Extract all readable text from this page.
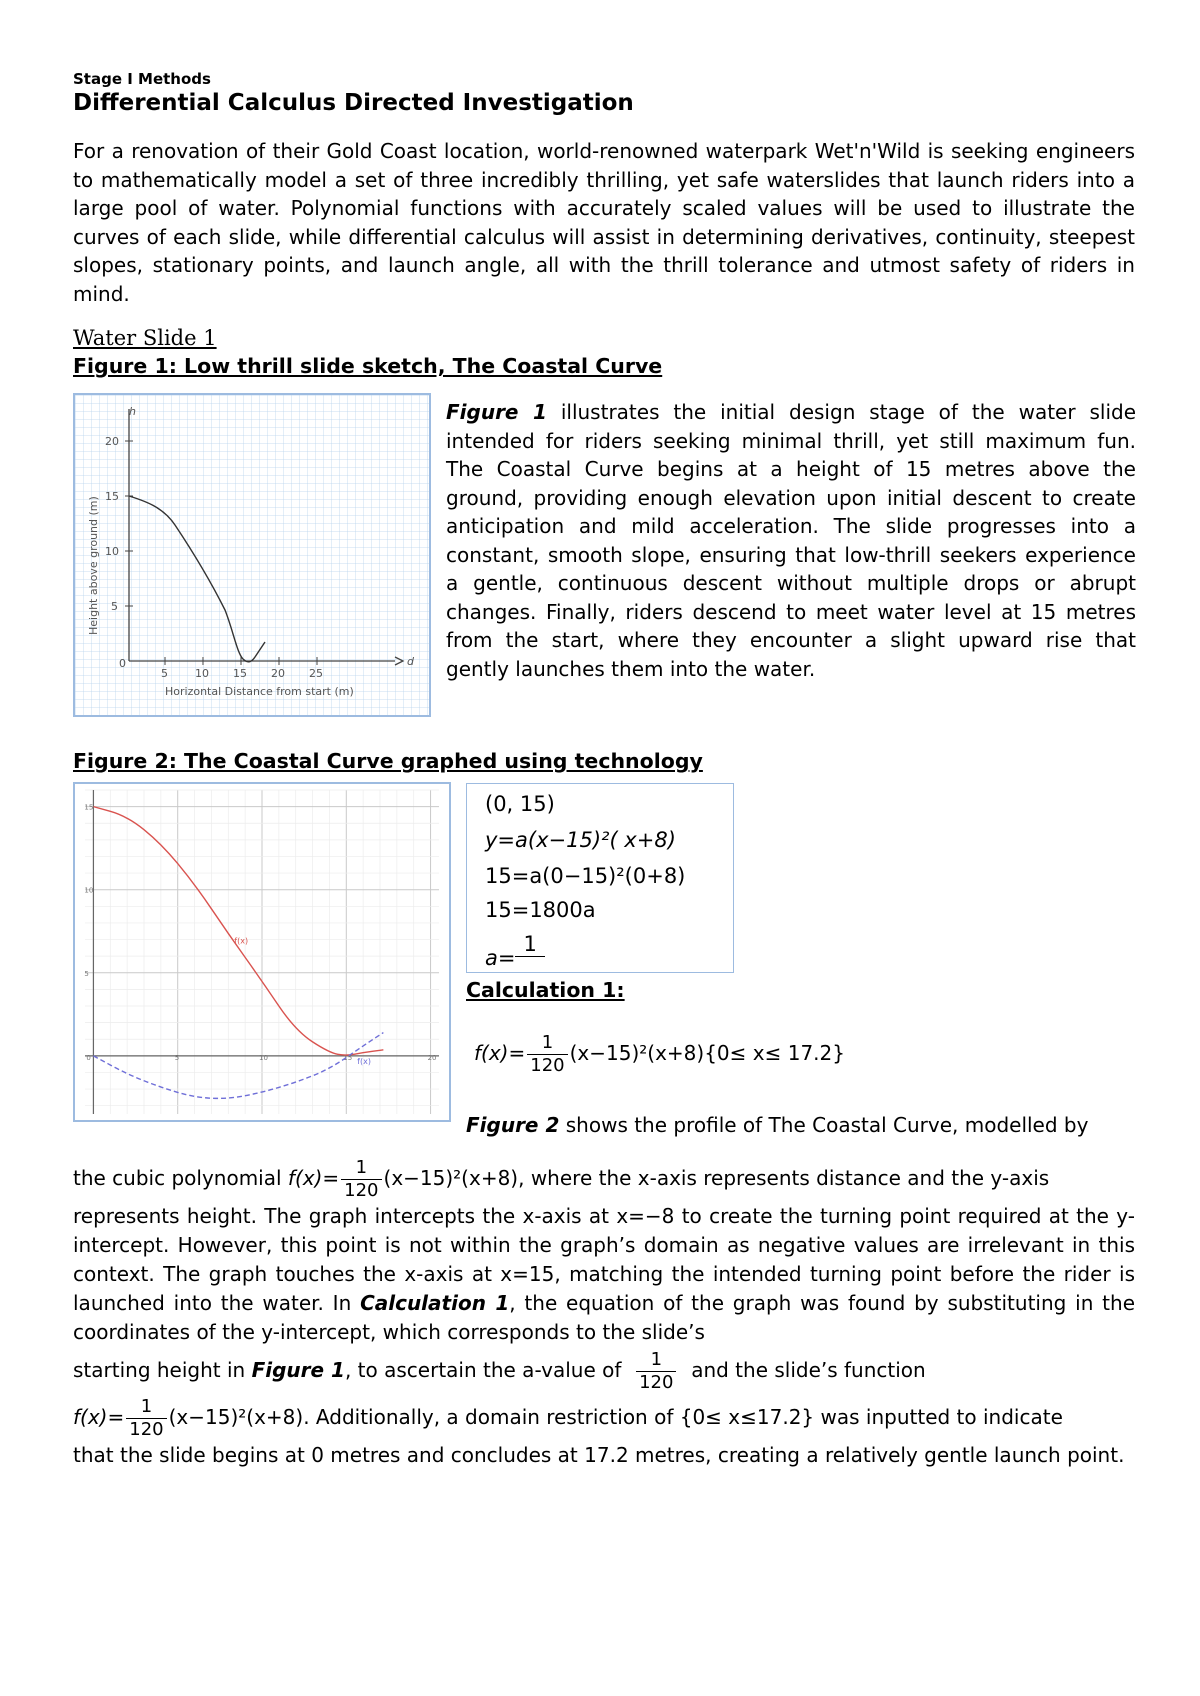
Stage I Methods
Differential Calculus Directed Investigation
For a renovation of their Gold Coast location, world-renowned waterpark Wet'n'Wild is seeking engineers to mathematically model a set of three incredibly thrilling, yet safe waterslides that launch riders into a large pool of water. Polynomial functions with accurately scaled values will be used to illustrate the curves of each slide, while differential calculus will assist in determining derivatives, continuity, steepest slopes, stationary points, and launch angle, all with the thrill tolerance and utmost safety of riders in mind.
Water Slide 1
Figure 1: Low thrill slide sketch, The Coastal Curve
5
10
15
20
0
5 10 15 20 25
h
d
Height above ground (m)
Horizontal Distance from start (m)
Figure 1 illustrates the initial design stage of the water slide intended for riders seeking minimal thrill, yet still maximum fun. The Coastal Curve begins at a height of 15 metres above the ground, providing enough elevation upon initial descent to create anticipation and mild acceleration. The slide progresses into a constant, smooth slope, ensuring that low-thrill seekers experience a gentle, continuous descent without multiple drops or abrupt changes. Finally, riders descend to meet water level at 15 metres from the start, where they encounter a slight upward rise that gently launches them into the water.
Figure 2: The Coastal Curve graphed using technology
0	5	10	15	20
5
10
15
f(x)
f(x)
(0, 15)
y=a(x−15)²( x+8)
15=a(0−15)²(0+8)
15=1800a
a=1
Calculation 1:
$f(x)= \frac{1}{120} (x-15)^2(x+8)\{0\le x\le 17.2\}$
Figure 2 shows the profile of The Coastal Curve, modelled by
the cubic polynomial $f(x)= \frac{1}{120} (x-15)^2(x+8)$, where the x-axis represents distance and the y-axis
represents height. The graph intercepts the x-axis at x=−8 to create the turning point required at the y-intercept. However, this point is not within the graph’s domain as negative values are irrelevant in this context. The graph touches the x-axis at x=15, matching the intended turning point before the rider is launched into the water. In Calculation 1, the equation of the graph was found by substituting in the coordinates of the y-intercept, which corresponds to the slide’s
starting height in Figure 1, to ascertain the a-value of $\frac{1}{120}$ and the slide’s function
$f(x)= \frac{1}{120} (x-15)^2(x+8)$. Additionally, a domain restriction of {0≤ x≤17.2} was inputted to indicate
that the slide begins at 0 metres and concludes at 17.2 metres, creating a relatively gentle launch point.
